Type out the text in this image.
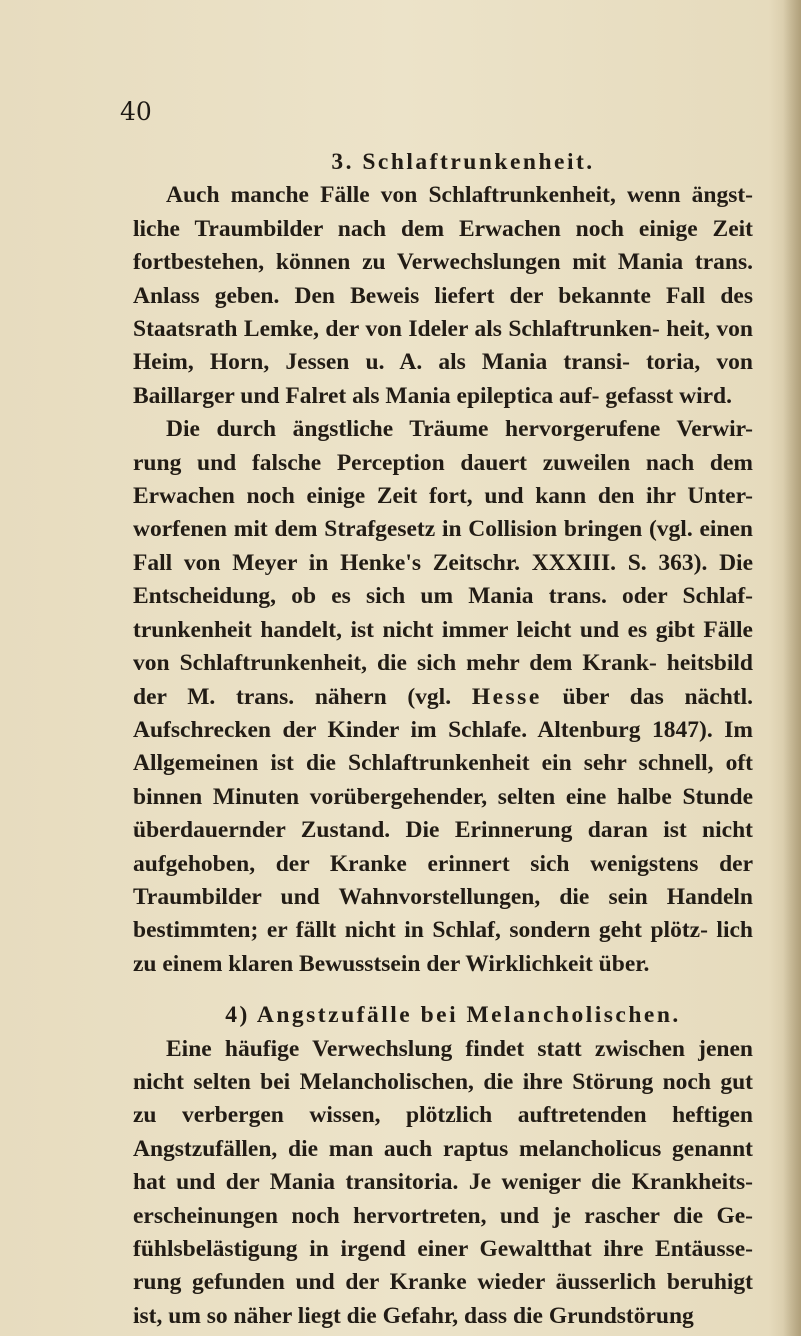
40

3. Schlaftrunkenheit.

Auch manche Fälle von Schlaftrunkenheit, wenn ängst- liche Traumbilder nach dem Erwachen noch einige Zeit fortbestehen, können zu Verwechslungen mit Mania trans. Anlass geben. Den Beweis liefert der bekannte Fall des Staatsrath Lemke, der von Ideler als Schlaftrunken- heit, von Heim, Horn, Jessen u. A. als Mania transi- toria, von Baillarger und Falret als Mania epileptica auf- gefasst wird.

Die durch ängstliche Träume hervorgerufene Verwir- rung und falsche Perception dauert zuweilen nach dem Erwachen noch einige Zeit fort, und kann den ihr Unter- worfenen mit dem Strafgesetz in Collision bringen (vgl. einen Fall von Meyer in Henke's Zeitschr. XXXIII. S. 363). Die Entscheidung, ob es sich um Mania trans. oder Schlaf- trunkenheit handelt, ist nicht immer leicht und es gibt Fälle von Schlaftrunkenheit, die sich mehr dem Krank- heitsbild der M. trans. nähern (vgl. Hesse über das nächtl. Aufschrecken der Kinder im Schlafe. Altenburg 1847). Im Allgemeinen ist die Schlaftrunkenheit ein sehr schnell, oft binnen Minuten vorübergehender, selten eine halbe Stunde überdauernder Zustand. Die Erinnerung daran ist nicht aufgehoben, der Kranke erinnert sich wenigstens der Traumbilder und Wahnvorstellungen, die sein Handeln bestimmten; er fällt nicht in Schlaf, sondern geht plötz- lich zu einem klaren Bewusstsein der Wirklichkeit über.

4) Angstzufälle bei Melancholischen.

Eine häufige Verwechslung findet statt zwischen jenen nicht selten bei Melancholischen, die ihre Störung noch gut zu verbergen wissen, plötzlich auftretenden heftigen Angstzufällen, die man auch raptus melancholicus genannt hat und der Mania transitoria. Je weniger die Krankheits- erscheinungen noch hervortreten, und je rascher die Ge- fühlsbelästigung in irgend einer Gewaltthat ihre Entäusse- rung gefunden und der Kranke wieder äusserlich beruhigt ist, um so näher liegt die Gefahr, dass die Grundstörung
